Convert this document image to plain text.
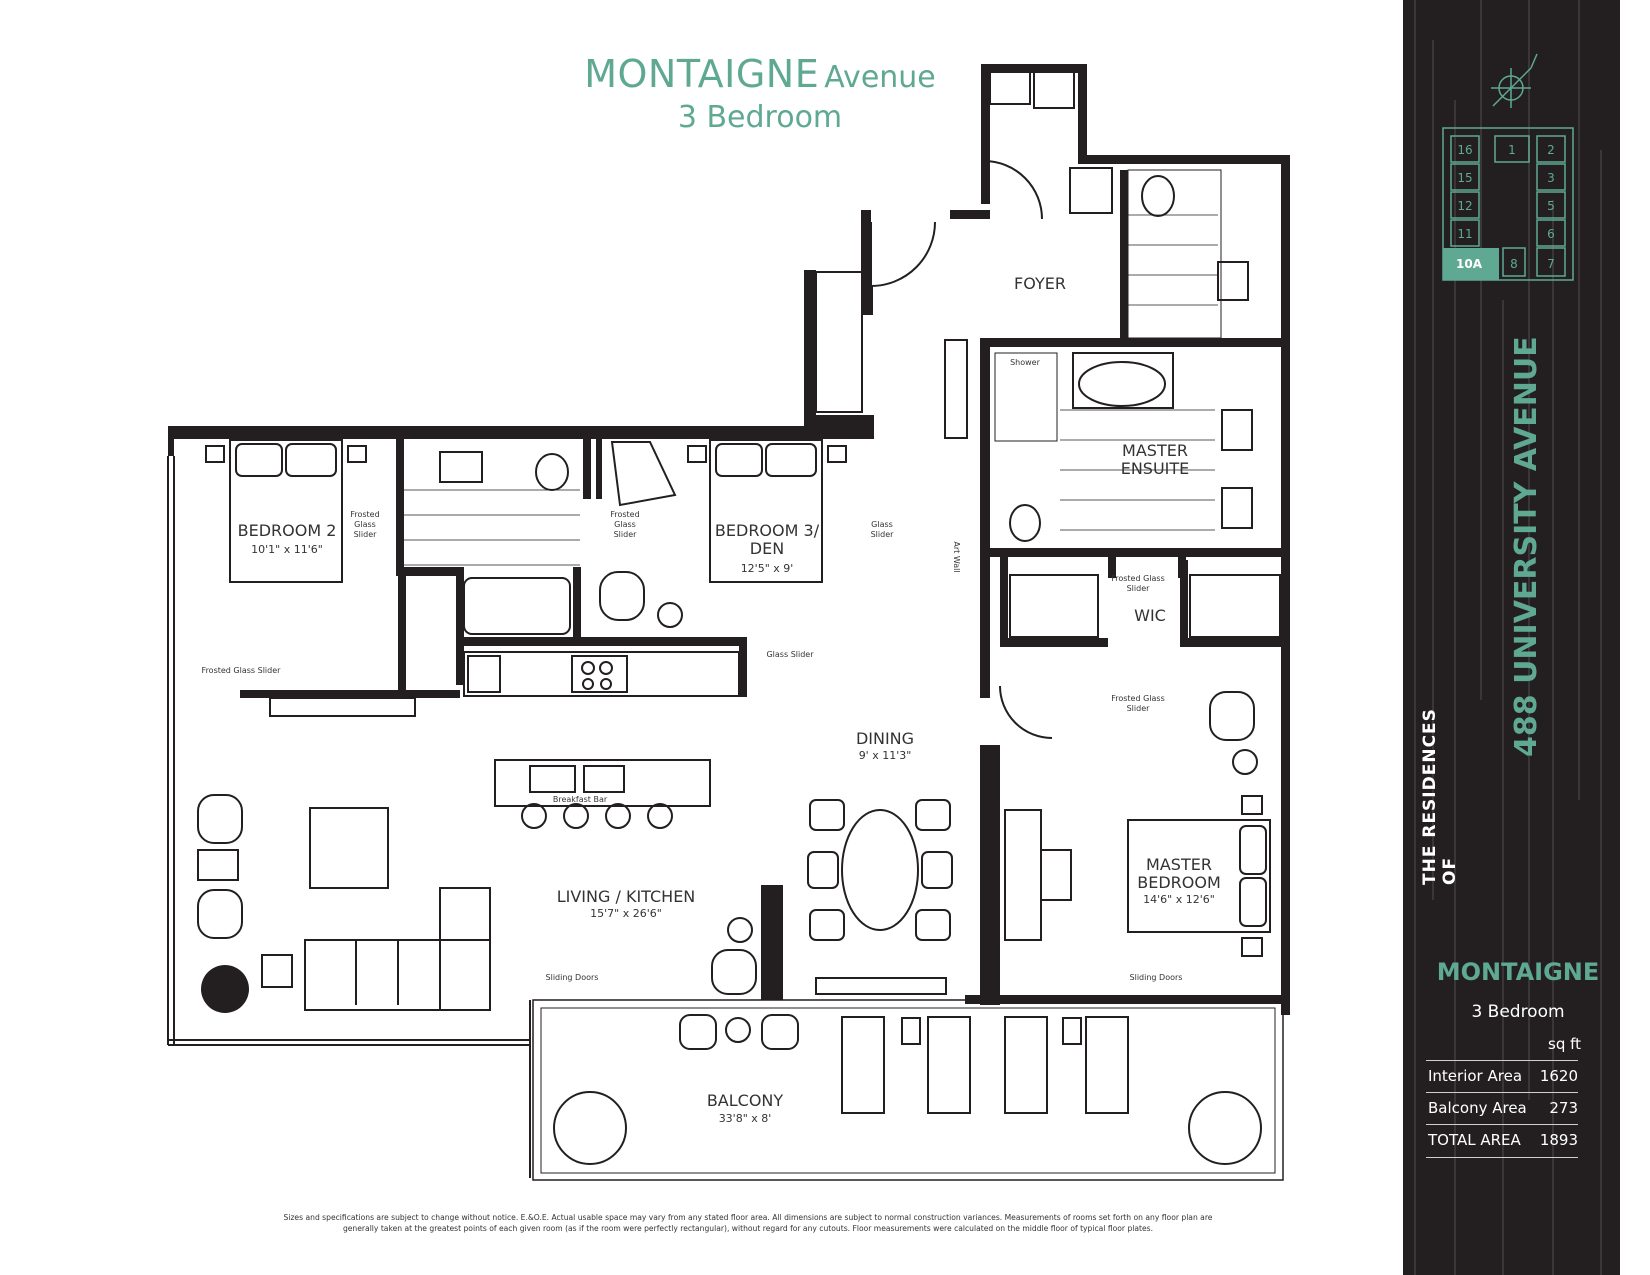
MONTAIGNE Avenue
3 Bedroom
BEDROOM 2
10'1" x 11'6"
BEDROOM 3/
DEN
12'5" x 9'
FOYER
MASTER
ENSUITE
WIC
DINING
9' x 11'3"
LIVING / KITCHEN
15'7" x 26'6"
MASTER
BEDROOM
14'6" x 12'6"
BALCONY
33'8" x 8'
Frosted
Glass
Slider
Frosted
Glass
Slider
Glass
Slider
Frosted Glass Slider
Glass Slider
Frosted Glass
Slider
Frosted Glass
Slider
Shower
Art Wall
Breakfast Bar
Sliding Doors	Sliding Doors
Sizes and specifications are subject to change without notice. E.&O.E. Actual usable space may vary from any stated floor area. All dimensions are subject to normal construction variances. Measurements of rooms set forth on any floor plan are generally taken at the greatest points of each given room (as if the room were perfectly rectangular), without regard for any cutouts. Floor measurements were calculated on the middle floor of typical floor plates.
16	1	2
15	3
12	5
11	6
10A 8 7
THE RESIDENCES OF
488 UNIVERSITY AVENUE
MONTAIGNE
3 Bedroom
sq ft
Interior Area 1620
Balcony Area 273
TOTAL AREA 1893
